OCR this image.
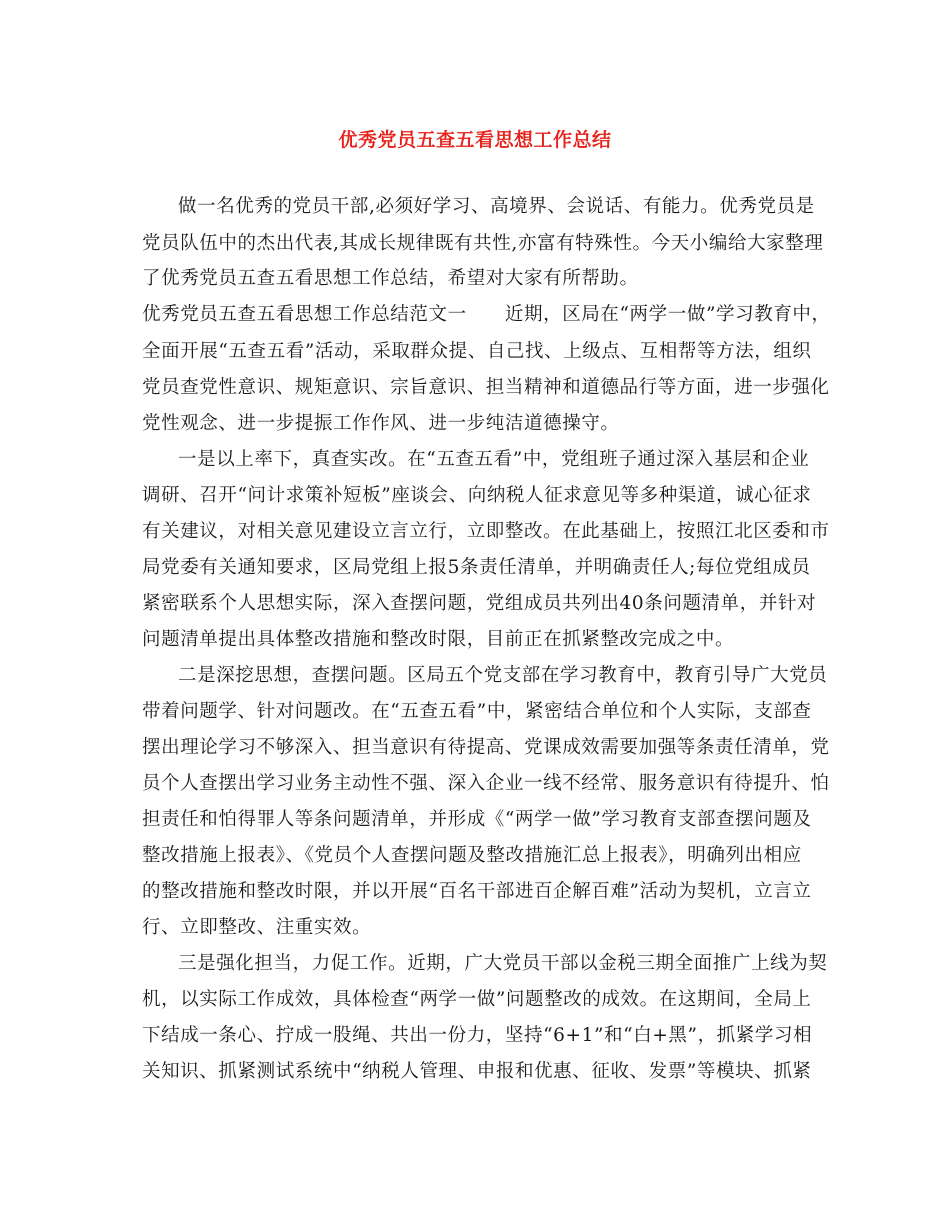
优秀党员五查五看思想工作总结
做一名优秀的党员干部,必须好学习、高境界、会说话、有能力。优秀党员是
党员队伍中的杰出代表,其成长规律既有共性,亦富有特殊性。今天小编给大家整理
了优秀党员五查五看思想工作总结，希望对大家有所帮助。
优秀党员五查五看思想工作总结范文一　　近期，区局在“两学一做”学习教育中，
全面开展“五查五看”活动，采取群众提、自己找、上级点、互相帮等方法，组织
党员查党性意识、规矩意识、宗旨意识、担当精神和道德品行等方面，进一步强化
党性观念、进一步提振工作作风、进一步纯洁道德操守。
一是以上率下，真查实改。在“五查五看”中，党组班子通过深入基层和企业
调研、召开“问计求策补短板”座谈会、向纳税人征求意见等多种渠道，诚心征求
有关建议，对相关意见建设立言立行，立即整改。在此基础上，按照江北区委和市
局党委有关通知要求，区局党组上报5条责任清单，并明确责任人;每位党组成员
紧密联系个人思想实际，深入查摆问题，党组成员共列出40条问题清单，并针对
问题清单提出具体整改措施和整改时限，目前正在抓紧整改完成之中。
二是深挖思想，查摆问题。区局五个党支部在学习教育中，教育引导广大党员
带着问题学、针对问题改。在“五查五看”中，紧密结合单位和个人实际，支部查
摆出理论学习不够深入、担当意识有待提高、党课成效需要加强等条责任清单，党
员个人查摆出学习业务主动性不强、深入企业一线不经常、服务意识有待提升、怕
担责任和怕得罪人等条问题清单，并形成《“两学一做”学习教育支部查摆问题及
整改措施上报表》、《党员个人查摆问题及整改措施汇总上报表》，明确列出相应
的整改措施和整改时限，并以开展“百名干部进百企解百难”活动为契机，立言立
行、立即整改、注重实效。
三是强化担当，力促工作。近期，广大党员干部以金税三期全面推广上线为契
机，以实际工作成效，具体检查“两学一做”问题整改的成效。在这期间，全局上
下结成一条心、拧成一股绳、共出一份力，坚持“6+1”和“白+黑”，抓紧学习相
关知识、抓紧测试系统中“纳税人管理、申报和优惠、征收、发票”等模块、抓紧
